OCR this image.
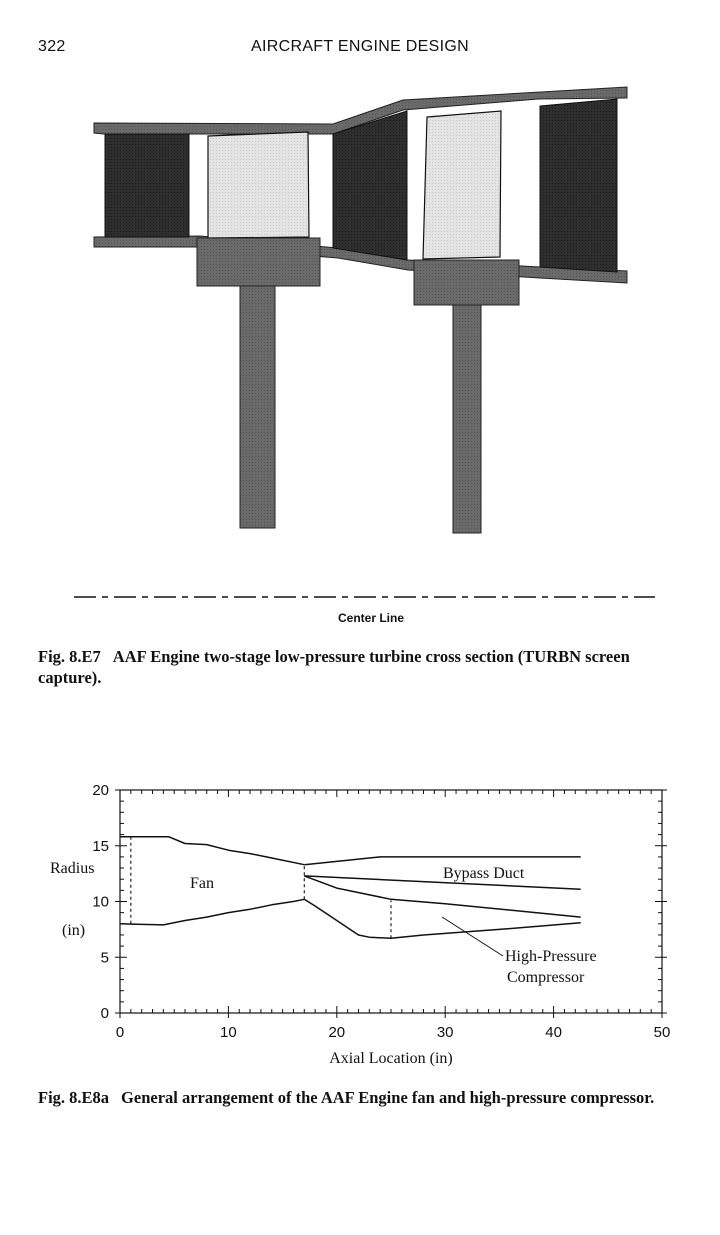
322	AIRCRAFT ENGINE DESIGN
Center Line
Fig. 8.E7 AAF Engine two-stage low-pressure turbine cross section (TURBN screen capture).
0	10	20	30	40	50
0
5
10
15
20
Fan
Bypass Duct
High-Pressure
Compressor
Radius
(in)
Axial Location (in)
Fig. 8.E8a General arrangement of the AAF Engine fan and high-pressure compressor.
